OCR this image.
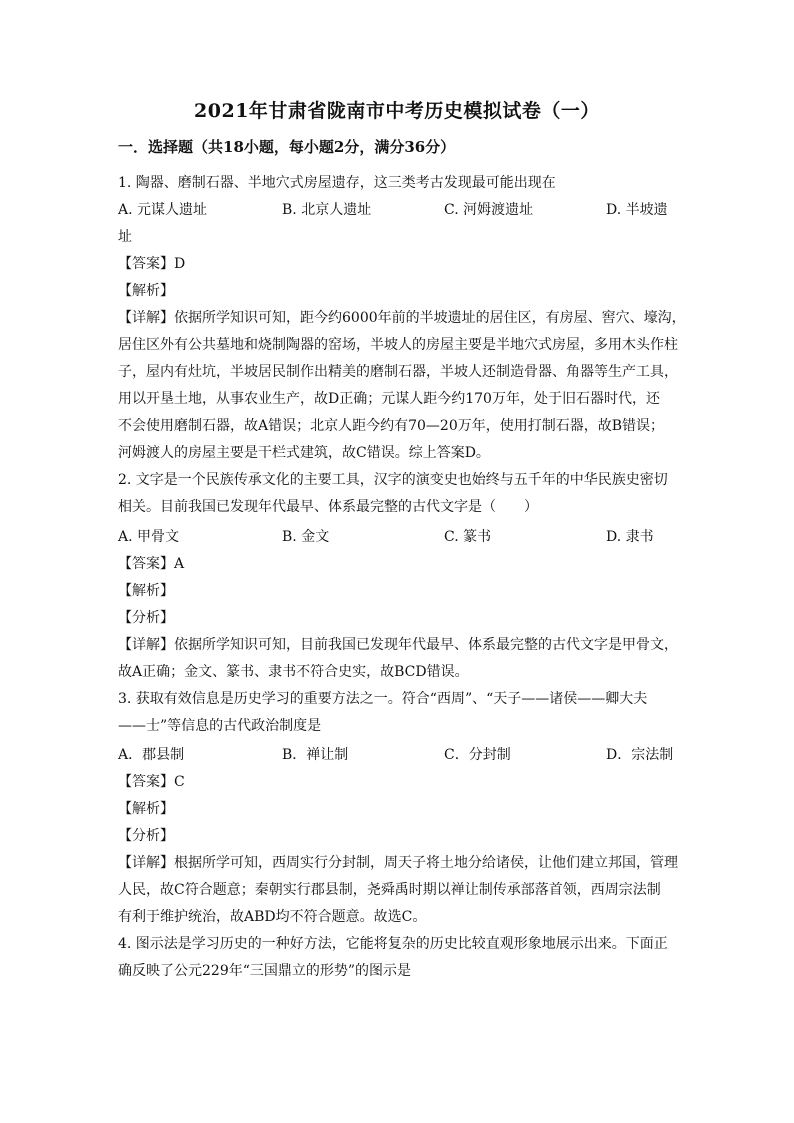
2021年甘肃省陇南市中考历史模拟试卷（一）
一．选择题（共18小题，每小题2分，满分36分）
1. 陶器、磨制石器、半地穴式房屋遗存，这三类考古发现最可能出现在
A. 元谋人遗址	B. 北京人遗址	C. 河姆渡遗址	D. 半坡遗
址
【答案】D
【解析】
【详解】依据所学知识可知，距今约6000年前的半坡遗址的居住区，有房屋、窖穴、壕沟，
居住区外有公共墓地和烧制陶器的窑场，半坡人的房屋主要是半地穴式房屋，多用木头作柱
子，屋内有灶坑，半坡居民制作出精美的磨制石器，半坡人还制造骨器、角器等生产工具，
用以开垦土地，从事农业生产，故D正确；元谋人距今约170万年，处于旧石器时代，还
不会使用磨制石器，故A错误；北京人距今约有70—20万年，使用打制石器，故B错误；
河姆渡人的房屋主要是干栏式建筑，故C错误。综上答案D。
2. 文字是一个民族传承文化的主要工具，汉字的演变史也始终与五千年的中华民族史密切
相关。目前我国已发现年代最早、体系最完整的古代文字是（　　）
A. 甲骨文	B. 金文	C. 篆书	D. 隶书
【答案】A
【解析】
【分析】
【详解】依据所学知识可知，目前我国已发现年代最早、体系最完整的古代文字是甲骨文，
故A正确；金文、篆书、隶书不符合史实，故BCD错误。
3. 获取有效信息是历史学习的重要方法之一。符合“西周”、“天子——诸侯——卿大夫
——士”等信息的古代政治制度是
A．郡县制	B．禅让制	C．分封制	D．宗法制
【答案】C
【解析】
【分析】
【详解】根据所学可知，西周实行分封制，周天子将土地分给诸侯，让他们建立邦国，管理
人民，故C符合题意；秦朝实行郡县制，尧舜禹时期以禅让制传承部落首领，西周宗法制
有利于维护统治，故ABD均不符合题意。故选C。
4. 图示法是学习历史的一种好方法，它能将复杂的历史比较直观形象地展示出来。下面正
确反映了公元229年“三国鼎立的形势”的图示是
